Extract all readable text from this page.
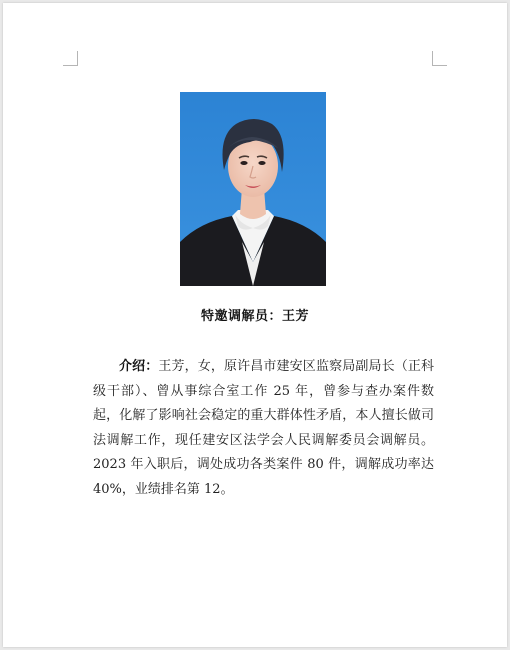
特邀调解员：王芳

介绍：王芳，女，原许昌市建安区监察局副局长（正科级干部）、曾从事综合室工作 25 年，曾参与查办案件数起，化解了影响社会稳定的重大群体性矛盾，本人擅长做司法调解工作，现任建安区法学会人民调解委员会调解员。2023 年入职后，调处成功各类案件 80 件，调解成功率达 40%，业绩排名第 12。
